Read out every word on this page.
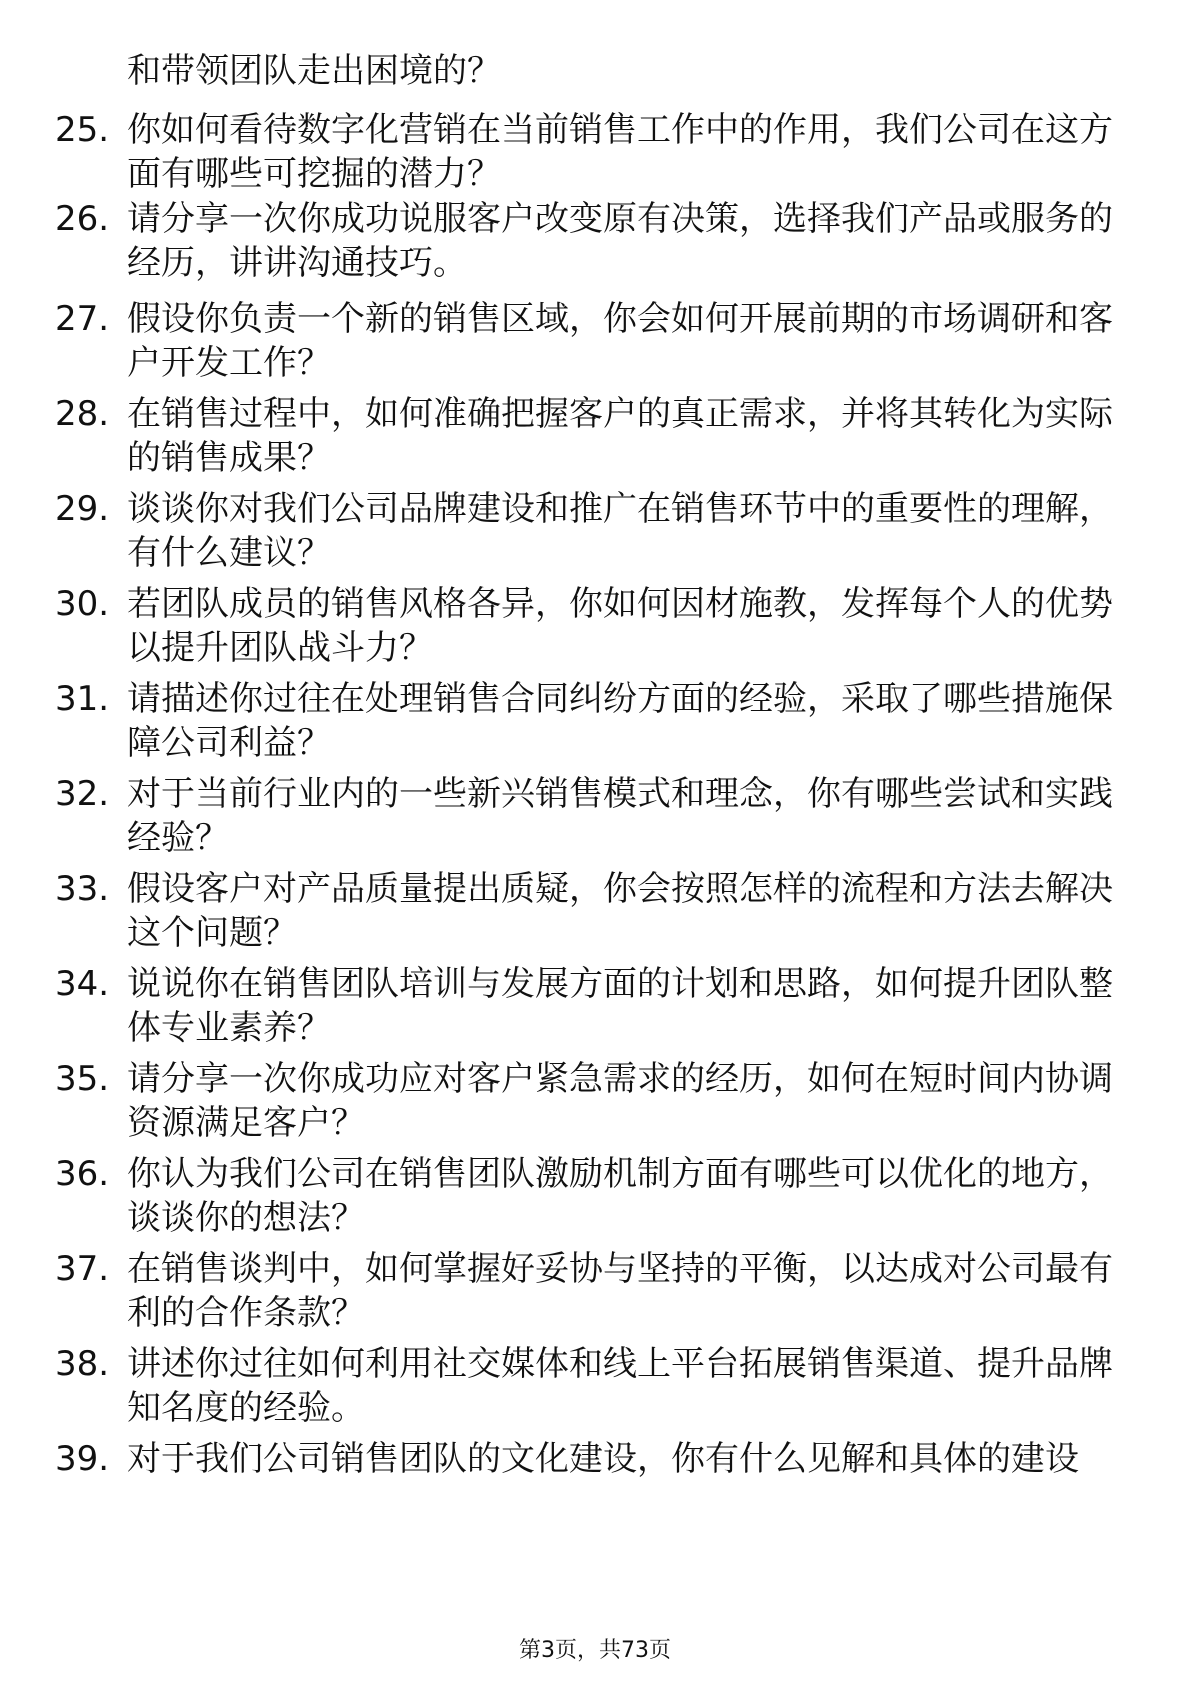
和带领团队走出困境的？

25. 你如何看待数字化营销在当前销售工作中的作用，我们公司在这方面有哪些可挖掘的潜力？

26. 请分享一次你成功说服客户改变原有决策，选择我们产品或服务的经历，讲讲沟通技巧。

27. 假设你负责一个新的销售区域，你会如何开展前期的市场调研和客户开发工作？

28. 在销售过程中，如何准确把握客户的真正需求，并将其转化为实际的销售成果？

29. 谈谈你对我们公司品牌建设和推广在销售环节中的重要性的理解，有什么建议？

30. 若团队成员的销售风格各异，你如何因材施教，发挥每个人的优势以提升团队战斗力？

31. 请描述你过往在处理销售合同纠纷方面的经验，采取了哪些措施保障公司利益？

32. 对于当前行业内的一些新兴销售模式和理念，你有哪些尝试和实践经验？

33. 假设客户对产品质量提出质疑，你会按照怎样的流程和方法去解决这个问题？

34. 说说你在销售团队培训与发展方面的计划和思路，如何提升团队整体专业素养？

35. 请分享一次你成功应对客户紧急需求的经历，如何在短时间内协调资源满足客户？

36. 你认为我们公司在销售团队激励机制方面有哪些可以优化的地方，谈谈你的想法？

37. 在销售谈判中，如何掌握好妥协与坚持的平衡，以达成对公司最有利的合作条款？

38. 讲述你过往如何利用社交媒体和线上平台拓展销售渠道、提升品牌知名度的经验。

39. 对于我们公司销售团队的文化建设，你有什么见解和具体的建设

第3页，共73页
